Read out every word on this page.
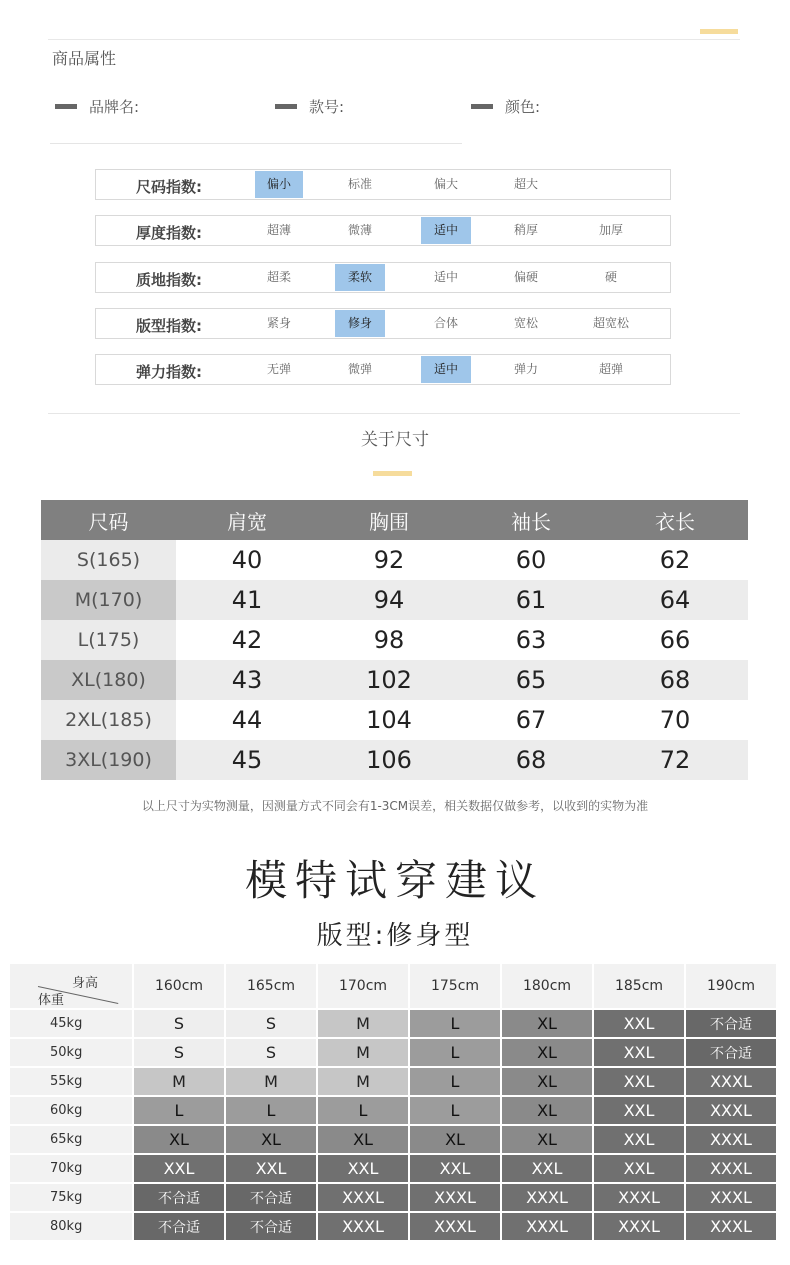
商品属性
品牌名:	款号:	颜色:
尺码指数:	偏小	标准	偏大	超大
厚度指数:	超薄	微薄	适中	稍厚	加厚
质地指数:	超柔	柔软	适中	偏硬	硬
版型指数:	紧身	修身	合体	宽松	超宽松
弹力指数:	无弹	微弹	适中	弹力	超弹
关于尺寸
尺码	肩宽	胸围	袖长	衣长
S(165)	40	92	60	62
M(170)	41	94	61	64
L(175)	42	98	63	66
XL(180)	43	102	65	68
2XL(185)	44	104	67	70
3XL(190)	45	106	68	72
以上尺寸为实物测量，因测量方式不同会有1-3CM误差，相关数据仅做参考，以收到的实物为准
模特试穿建议
版型:修身型
身高
体重
160cm	165cm	170cm	175cm	180cm	185cm	190cm
45kg	S	S	M	L	XL	XXL	不合适
50kg	S	S	M	L	XL	XXL	不合适
55kg	M	M	M	L	XL	XXL	XXXL
60kg	L	L	L	L	XL	XXL	XXXL
65kg	XL	XL	XL	XL	XL	XXL	XXXL
70kg	XXL	XXL	XXL	XXL	XXL	XXL	XXXL
75kg	不合适	不合适	XXXL	XXXL	XXXL	XXXL	XXXL
80kg	不合适	不合适	XXXL	XXXL	XXXL	XXXL	XXXL
